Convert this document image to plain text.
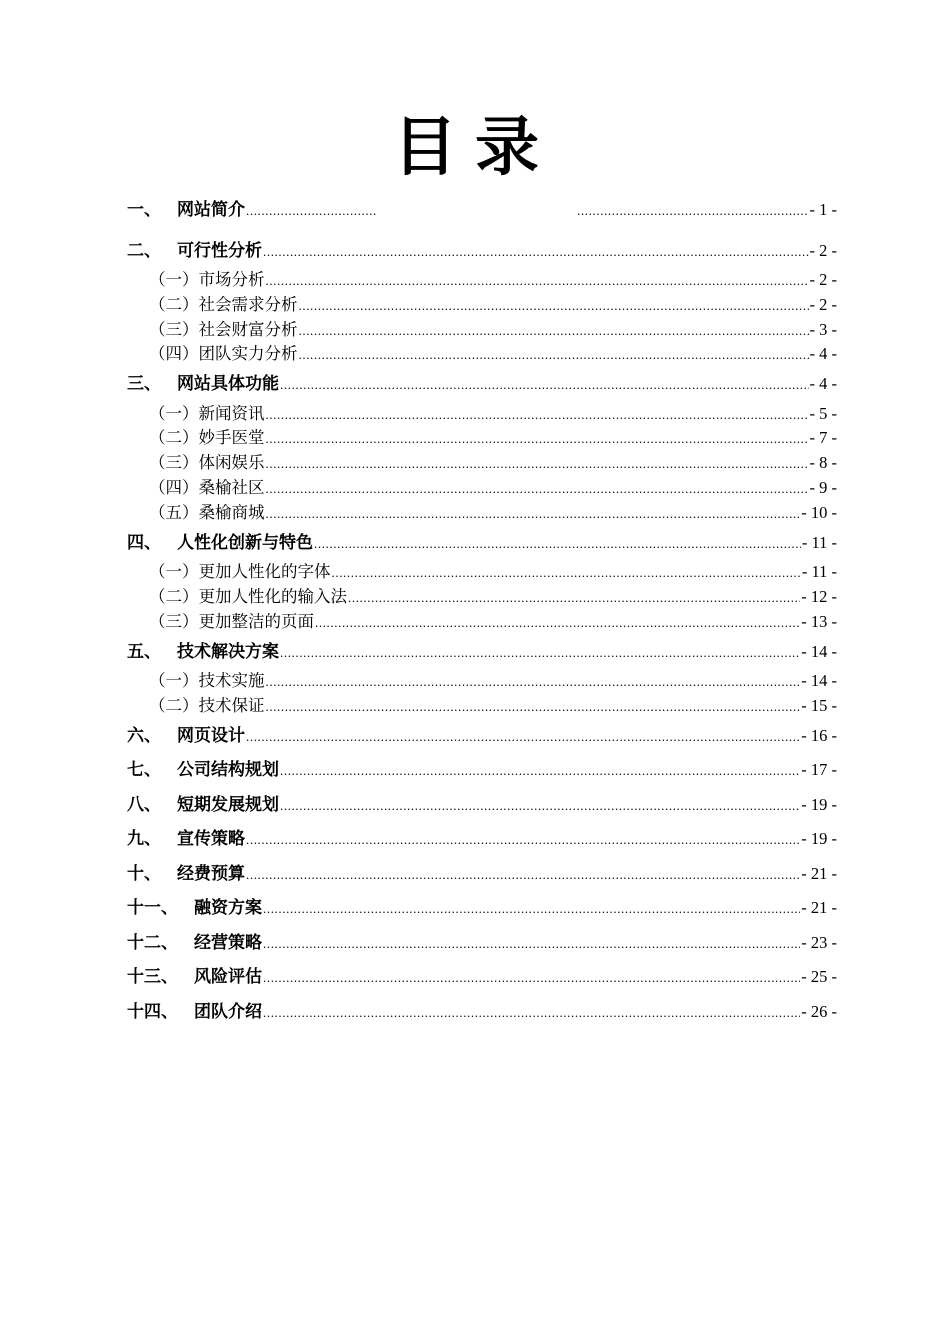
目录
一、 网站简介 .....	- 1 -
二、 可行性分析 .....	- 2 -
（一）市场分析 .....	- 2 -
（二）社会需求分析 .....	- 2 -
（三）社会财富分析 .....	- 3 -
（四）团队实力分析 .....	- 4 -
三、 网站具体功能 .....	- 4 -
（一）新闻资讯 .....	- 5 -
（二）妙手医堂 .....	- 7 -
（三）体闲娱乐 .....	- 8 -
（四）桑榆社区 .....	- 9 -
（五）桑榆商城 .....	- 10 -
四、 人性化创新与特色 .....	- 11 -
（一）更加人性化的字体 .....	- 11 -
（二）更加人性化的输入法 .....	- 12 -
（三）更加整洁的页面 .....	- 13 -
五、 技术解决方案 .....	- 14 -
（一）技术实施 .....	- 14 -
（二）技术保证 .....	- 15 -
六、 网页设计 .....	- 16 -
七、 公司结构规划 .....	- 17 -
八、 短期发展规划 .....	- 19 -
九、 宣传策略 .....	- 19 -
十、 经费预算 .....	- 21 -
十一、 融资方案 .....	- 21 -
十二、 经营策略 .....	- 23 -
十三、 风险评估 .....	- 25 -
十四、 团队介绍 .....	- 26 -
